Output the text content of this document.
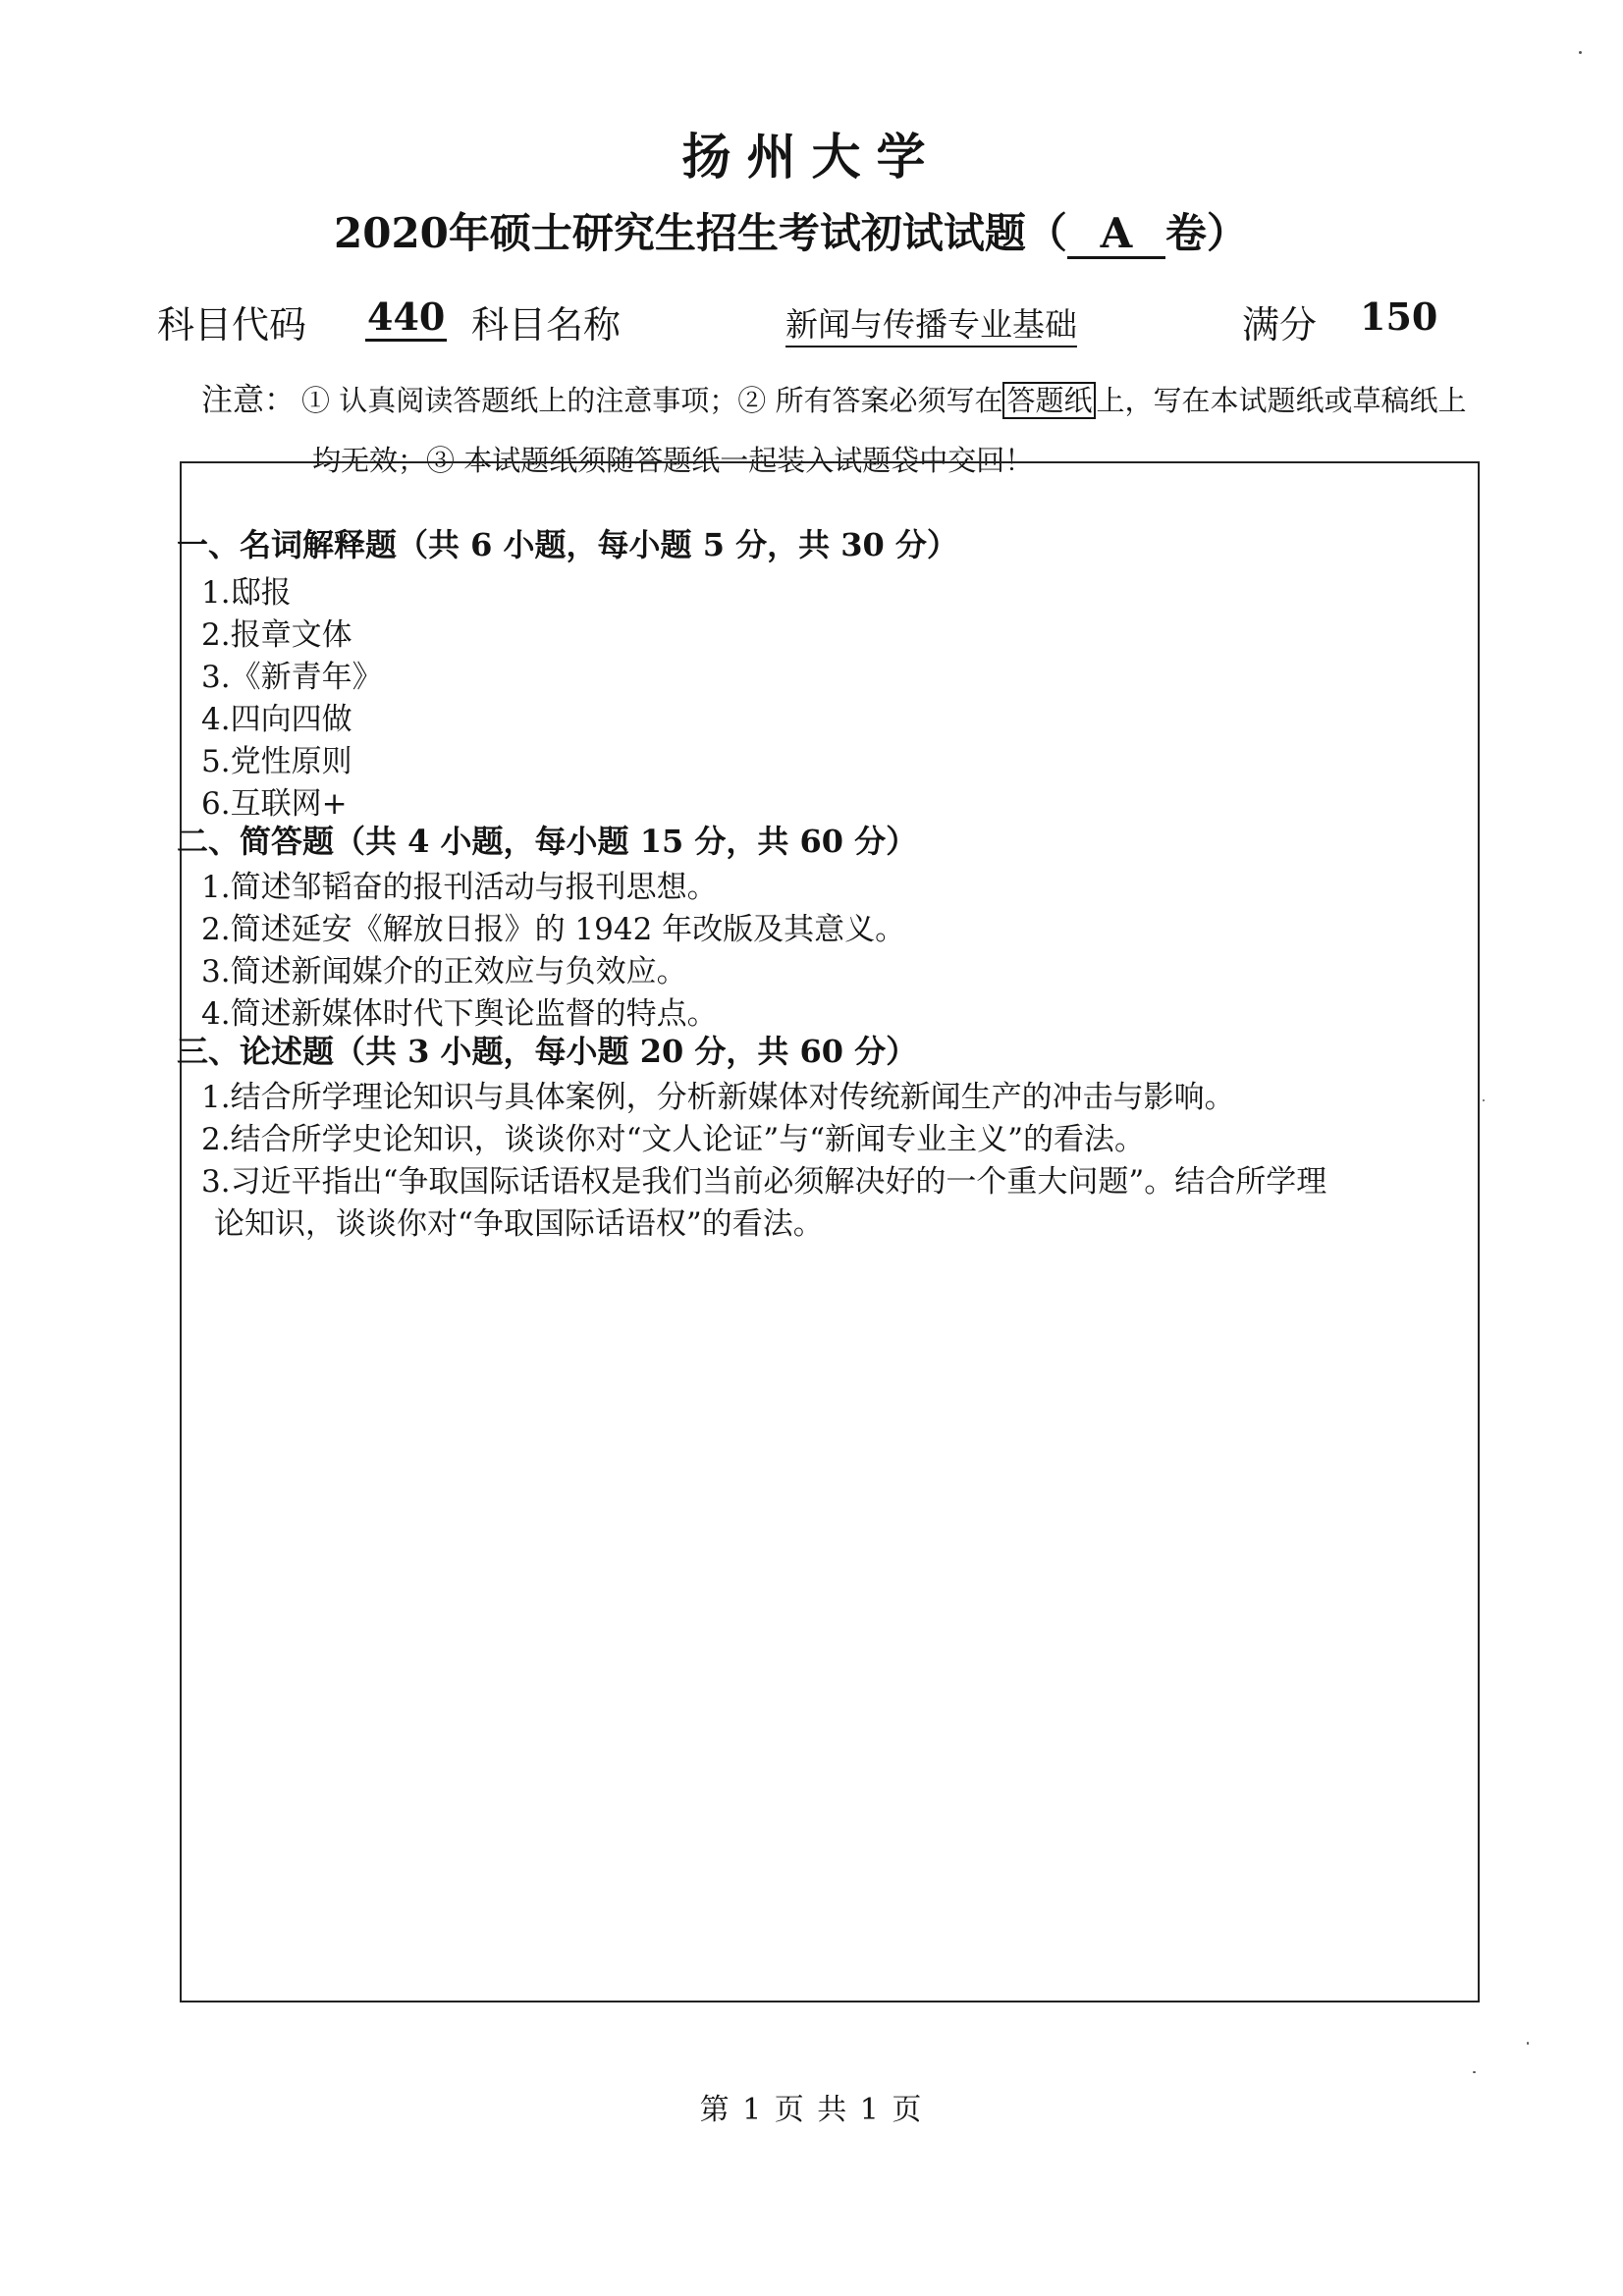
扬州大学
2020年硕士研究生招生考试初试试题（ A 卷）
科目代码 440 科目名称	新闻与传播专业基础	满分 150
注意： ① 认真阅读答题纸上的注意事项；② 所有答案必须写在 答题纸 上，写在本试题纸或草稿纸上
均无效；③ 本试题纸须随答题纸一起装入试题袋中交回！
一、名词解释题（共 6 小题，每小题 5 分，共 30 分）
1.邸报
2.报章文体
3.《新青年》
4.四向四做
5.党性原则
6.互联网+
二、简答题（共 4 小题，每小题 15 分，共 60 分）
1.简述邹韬奋的报刊活动与报刊思想。
2.简述延安《解放日报》的 1942 年改版及其意义。
3.简述新闻媒介的正效应与负效应。
4.简述新媒体时代下舆论监督的特点。
三、论述题（共 3 小题，每小题 20 分，共 60 分）
1.结合所学理论知识与具体案例，分析新媒体对传统新闻生产的冲击与影响。
2.结合所学史论知识，谈谈你对“文人论证”与“新闻专业主义”的看法。
3.习近平指出“争取国际话语权是我们当前必须解决好的一个重大问题”。结合所学理
论知识，谈谈你对“争取国际话语权”的看法。
第 1 页 共 1 页
